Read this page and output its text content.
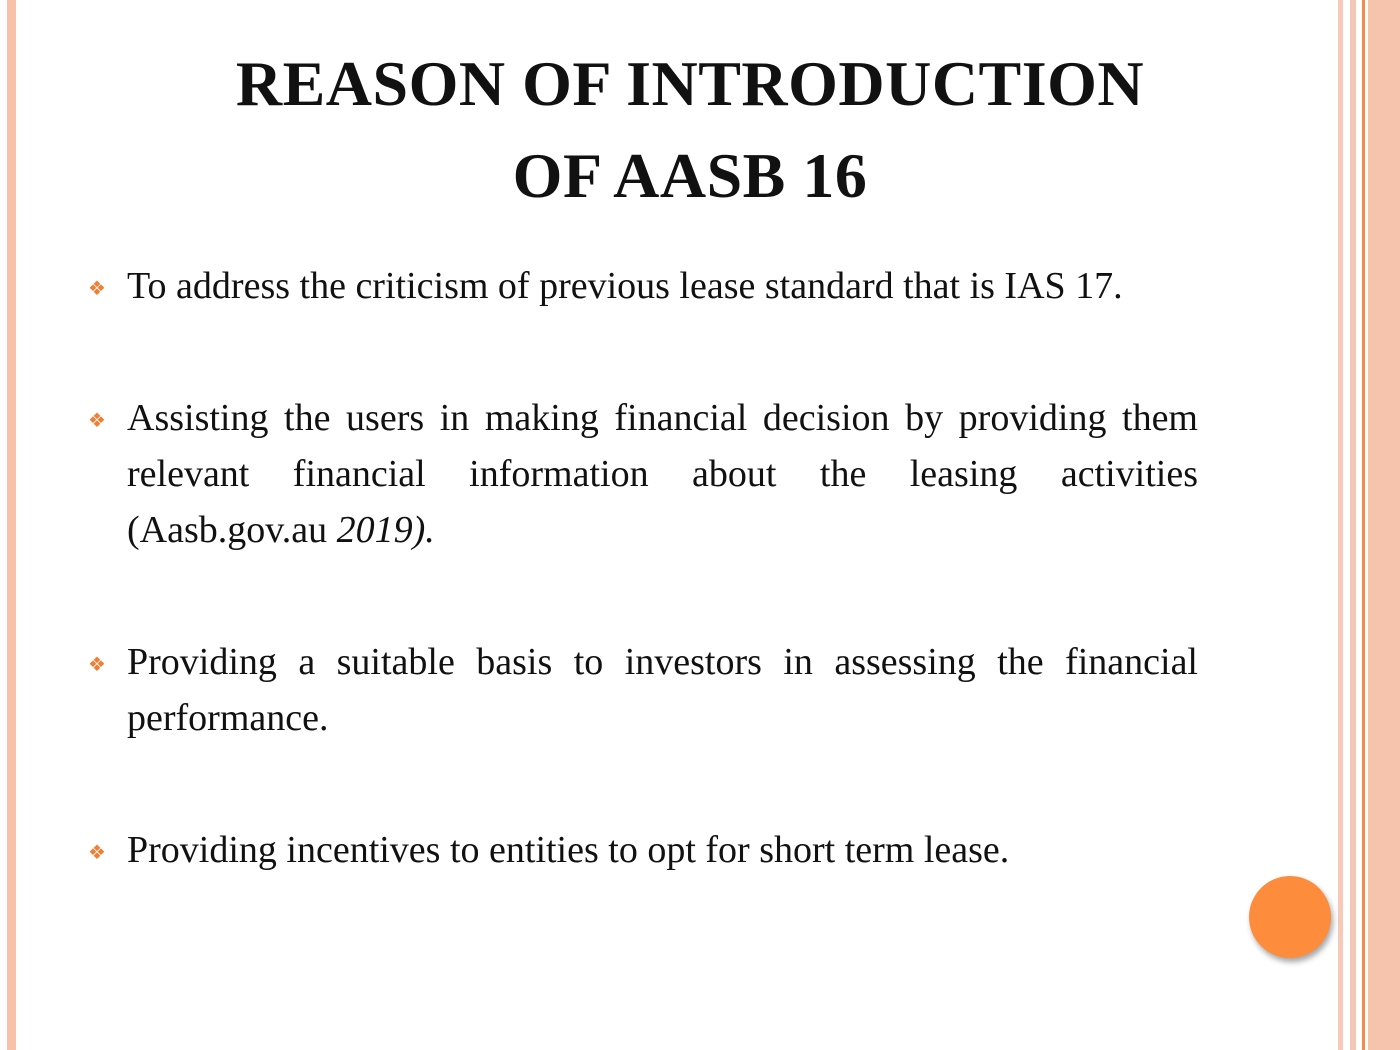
REASON OF INTRODUCTION
OF AASB 16
❖ To address the criticism of previous lease standard that is IAS 17.
❖ Assisting the users in making financial decision by providing them relevant financial information about the leasing activities (Aasb.gov.au 2019).
❖ Providing a suitable basis to investors in assessing the financial performance.
❖ Providing incentives to entities to opt for short term lease.
